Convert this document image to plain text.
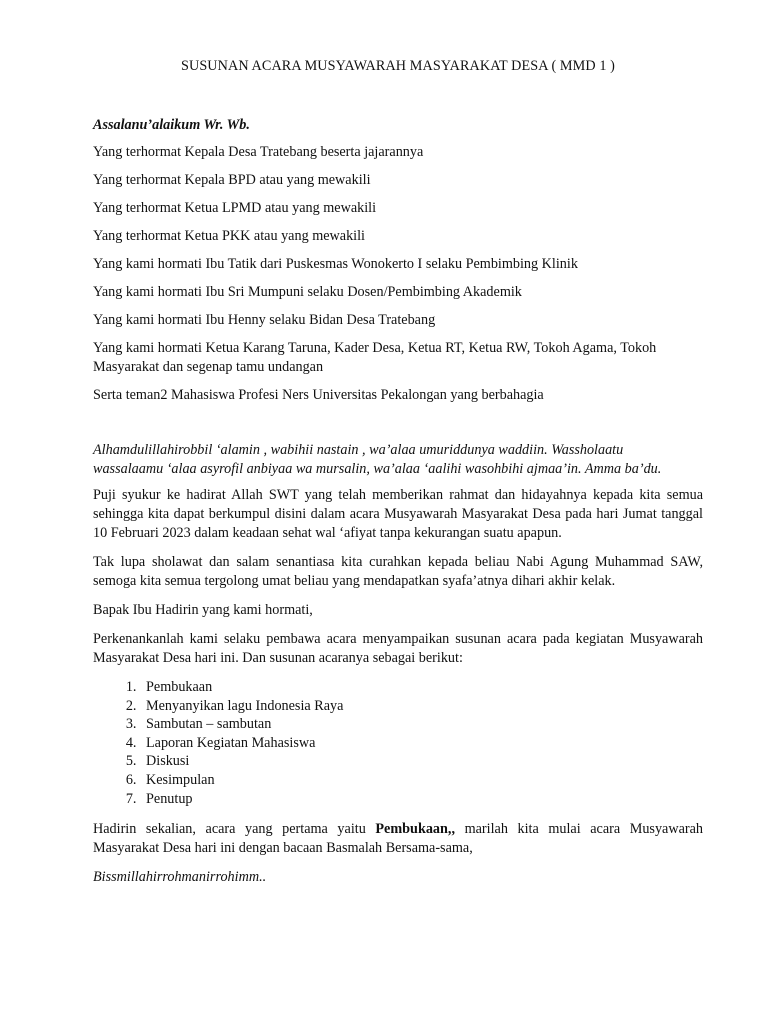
SUSUNAN ACARA MUSYAWARAH MASYARAKAT DESA ( MMD 1 )
Assalanu’alaikum Wr. Wb.
Yang terhormat Kepala Desa Tratebang beserta jajarannya
Yang terhormat Kepala BPD atau yang mewakili
Yang terhormat Ketua LPMD atau yang mewakili
Yang terhormat Ketua PKK atau yang mewakili
Yang kami hormati Ibu Tatik dari Puskesmas Wonokerto I selaku Pembimbing Klinik
Yang kami hormati Ibu Sri Mumpuni selaku Dosen/Pembimbing Akademik
Yang kami hormati Ibu Henny selaku Bidan Desa Tratebang
Yang kami hormati Ketua Karang Taruna, Kader Desa, Ketua RT, Ketua RW, Tokoh Agama, Tokoh Masyarakat dan segenap tamu undangan
Serta teman2 Mahasiswa Profesi Ners Universitas Pekalongan yang berbahagia
Alhamdulillahirobbil ‘alamin , wabihii nastain , wa’alaa umuriddunya waddiin. Wassholaatu wassalaamu ‘alaa asyrofil anbiyaa wa mursalin, wa’alaa ‘aalihi wasohbihi ajmaa’in. Amma ba’du.
Puji syukur ke hadirat Allah SWT yang telah memberikan rahmat dan hidayahnya kepada kita semua sehingga kita dapat berkumpul disini dalam acara Musyawarah Masyarakat Desa pada hari Jumat tanggal 10 Februari 2023 dalam keadaan sehat wal ‘afiyat tanpa kekurangan suatu apapun.
Tak lupa sholawat dan salam senantiasa kita curahkan kepada beliau Nabi Agung Muhammad SAW, semoga kita semua tergolong umat beliau yang mendapatkan syafa’atnya dihari akhir kelak.
Bapak Ibu Hadirin yang kami hormati,
Perkenankanlah kami selaku pembawa acara menyampaikan susunan acara pada kegiatan Musyawarah Masyarakat Desa hari ini. Dan susunan acaranya sebagai berikut:
1. Pembukaan
2. Menyanyikan lagu Indonesia Raya
3. Sambutan – sambutan
4. Laporan Kegiatan Mahasiswa
5. Diskusi
6. Kesimpulan
7. Penutup
Hadirin sekalian, acara yang pertama yaitu Pembukaan,, marilah kita mulai acara Musyawarah Masyarakat Desa hari ini dengan bacaan Basmalah Bersama-sama,
Bissmillahirrohmanirrohimm..
